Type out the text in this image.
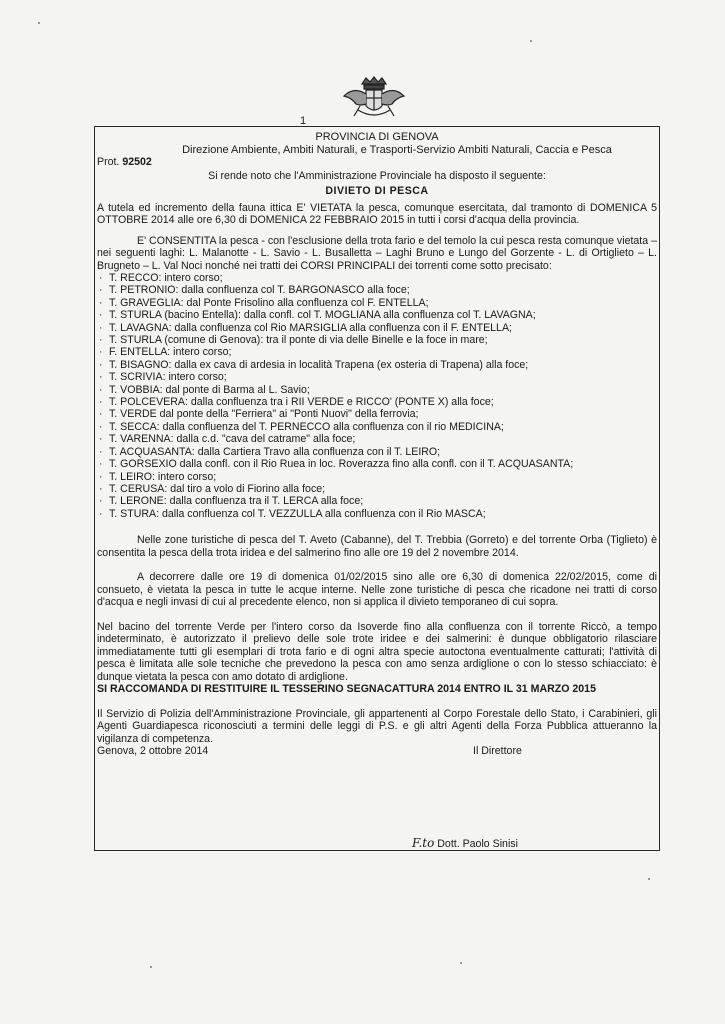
1
PROVINCIA DI GENOVA
Direzione Ambiente, Ambiti Naturali, e Trasporti-Servizio Ambiti Naturali, Caccia e Pesca
Prot. 92502
Si rende noto che l'Amministrazione Provinciale ha disposto il seguente:
DIVIETO DI PESCA
A tutela ed incremento della fauna ittica E' VIETATA la pesca, comunque esercitata, dal tramonto di DOMENICA 5 OTTOBRE 2014 alle ore 6,30 di DOMENICA 22 FEBBRAIO 2015 in tutti i corsi d'acqua della provincia.
E' CONSENTITA la pesca - con l'esclusione della trota fario e del temolo la cui pesca resta comunque vietata – nei seguenti laghi: L. Malanotte - L. Savio - L. Busalletta – Laghi Bruno e Lungo del Gorzente - L. di Ortiglieto – L. Brugneto – L. Val Noci nonché nei tratti dei CORSI PRINCIPALI dei torrenti come sotto precisato:
· T. RECCO: intero corso;
· T. PETRONIO: dalla confluenza col T. BARGONASCO alla foce;
· T. GRAVEGLIA: dal Ponte Frisolino alla confluenza col F. ENTELLA;
· T. STURLA (bacino Entella): dalla confl. col T. MOGLIANA alla confluenza col T. LAVAGNA;
· T. LAVAGNA: dalla confluenza col Rio MARSIGLIA alla confluenza con il F. ENTELLA;
· T. STURLA (comune di Genova): tra il ponte di via delle Binelle e la foce in mare;
· F. ENTELLA: intero corso;
· T. BISAGNO: dalla ex cava di ardesia in località Trapena (ex osteria di Trapena) alla foce;
· T. SCRIVIA: intero corso;
· T. VOBBIA: dal ponte di Barma al L. Savio;
· T. POLCEVERA: dalla confluenza tra i RII VERDE e RICCO' (PONTE X) alla foce;
· T. VERDE dal ponte della "Ferriera" ai "Ponti Nuovi" della ferrovia;
· T. SECCA: dalla confluenza del T. PERNECCO alla confluenza con il rio MEDICINA;
· T. VARENNA: dalla c.d. "cava del catrame" alla foce;
· T. ACQUASANTA: dalla Cartiera Travo alla confluenza con il T. LEIRO;
· T. GORSEXIO dalla confl. con il Rio Ruea in loc. Roverazza fino alla confl. con il T. ACQUASANTA;
· T. LEIRO: intero corso;
· T. CERUSA: dal tiro a volo di Fiorino alla foce;
· T. LERONE: dalla confluenza tra il T. LERCA alla foce;
· T. STURA: dalla confluenza col T. VEZZULLA alla confluenza con il Rio MASCA;
Nelle zone turistiche di pesca del T. Aveto (Cabanne), del T. Trebbia (Gorreto) e del torrente Orba (Tiglieto) è consentita la pesca della trota iridea e del salmerino fino alle ore 19 del 2 novembre 2014.
A decorrere dalle ore 19 di domenica 01/02/2015 sino alle ore 6,30 di domenica 22/02/2015, come di consueto, è vietata la pesca in tutte le acque interne. Nelle zone turistiche di pesca che ricadone nei tratti di corso d'acqua e negli invasi di cui al precedente elenco, non si applica il divieto temporaneo di cui sopra.
Nel bacino del torrente Verde per l'intero corso da Isoverde fino alla confluenza con il torrente Riccò, a tempo indeterminato, è autorizzato il prelievo delle sole trote iridee e dei salmerini: è dunque obbligatorio rilasciare immediatamente tutti gli esemplari di trota fario e di ogni altra specie autoctona eventualmente catturati; l'attività di pesca è limitata alle sole tecniche che prevedono la pesca con amo senza ardiglione o con lo stesso schiacciato: è dunque vietata la pesca con amo dotato di ardiglione.
SI RACCOMANDA DI RESTITUIRE IL TESSERINO SEGNACATTURA 2014 ENTRO IL 31 MARZO 2015
Il Servizio di Polizia dell'Amministrazione Provinciale, gli appartenenti al Corpo Forestale dello Stato, i Carabinieri, gli Agenti Guardiapesca riconosciuti a termini delle leggi di P.S. e gli altri Agenti della Forza Pubblica attueranno la vigilanza di competenza.
Genova, 2 ottobre 2014	Il Direttore
F.to Dott. Paolo Sinisi
